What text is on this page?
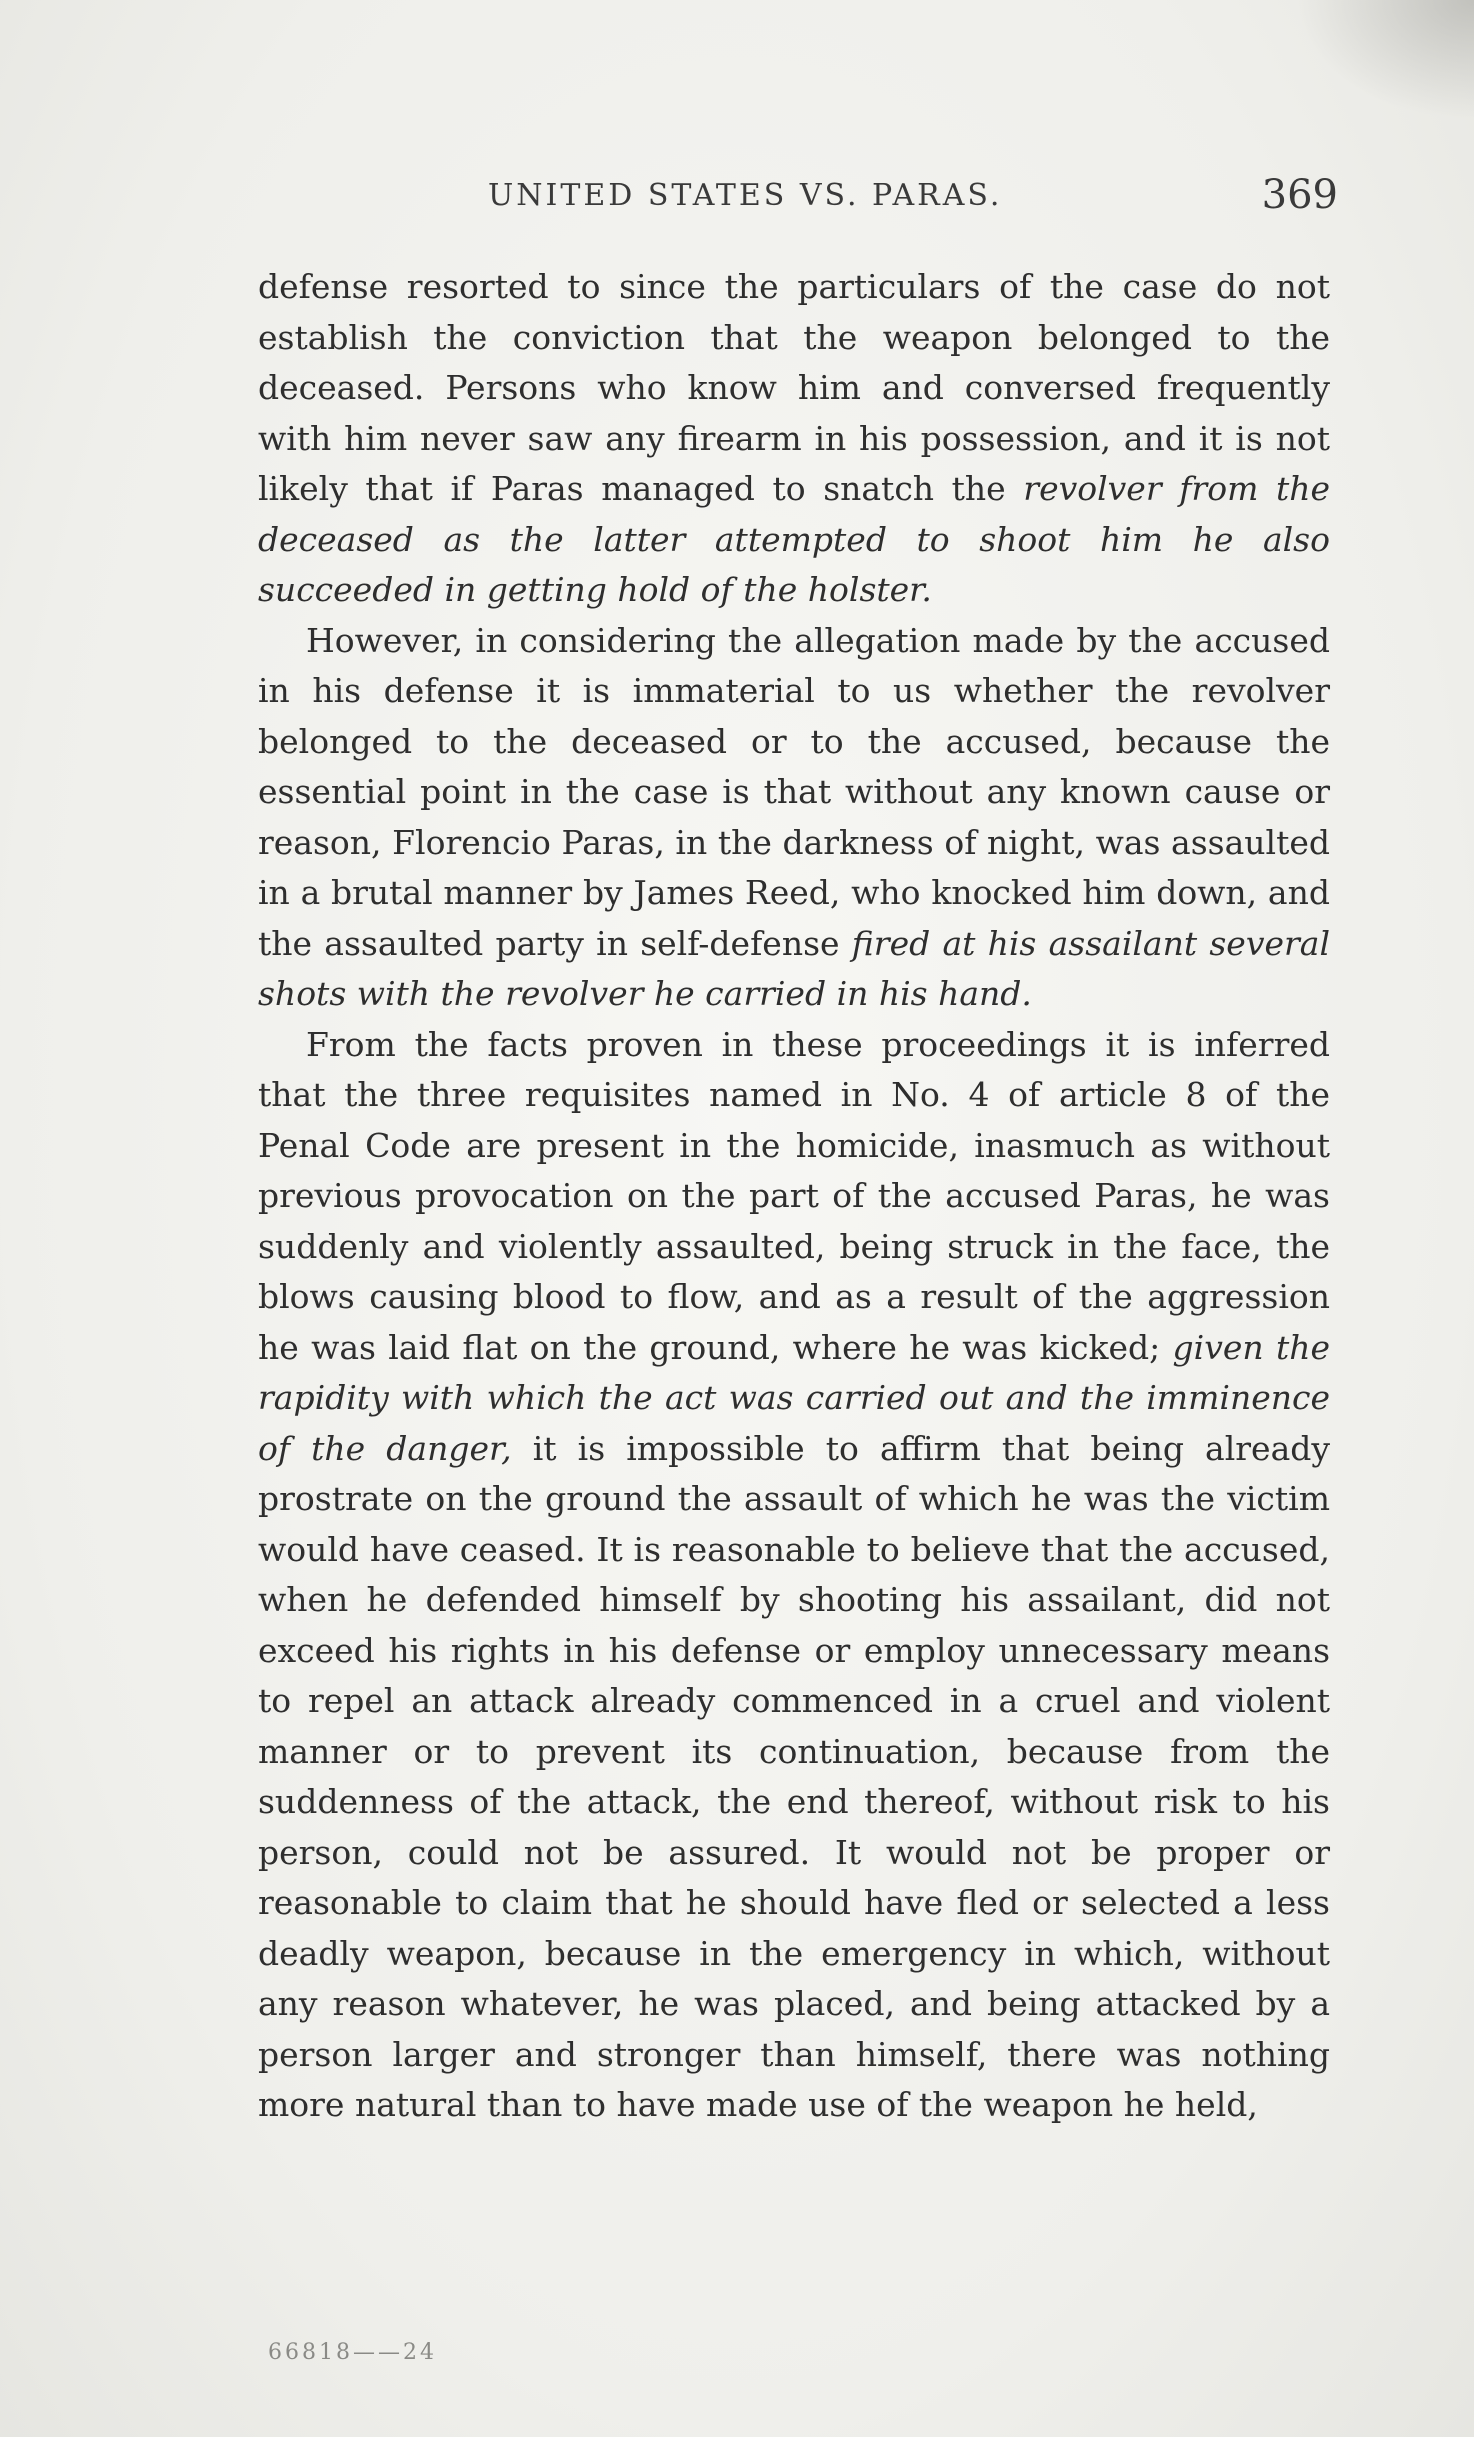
UNITED STATES VS. PARAS.	369

defense resorted to since the particulars of the case do not establish the conviction that the weapon belonged to the deceased. Persons who know him and conversed frequently with him never saw any firearm in his possession, and it is not likely that if Paras managed to snatch the revolver from the deceased as the latter attempted to shoot him he also succeeded in getting hold of the holster.

However, in considering the allegation made by the accused in his defense it is immaterial to us whether the revolver belonged to the deceased or to the accused, because the essential point in the case is that without any known cause or reason, Florencio Paras, in the darkness of night, was assaulted in a brutal manner by James Reed, who knocked him down, and the assaulted party in self-defense fired at his assailant several shots with the revolver he carried in his hand.

From the facts proven in these proceedings it is inferred that the three requisites named in No. 4 of article 8 of the Penal Code are present in the homicide, inasmuch as without previous provocation on the part of the accused Paras, he was suddenly and violently assaulted, being struck in the face, the blows causing blood to flow, and as a result of the aggression he was laid flat on the ground, where he was kicked; given the rapidity with which the act was carried out and the imminence of the danger, it is impossible to affirm that being already prostrate on the ground the assault of which he was the victim would have ceased. It is reasonable to believe that the accused, when he defended himself by shooting his assailant, did not exceed his rights in his defense or employ unnecessary means to repel an attack already commenced in a cruel and violent manner or to prevent its continuation, because from the suddenness of the attack, the end thereof, without risk to his person, could not be assured. It would not be proper or reasonable to claim that he should have fled or selected a less deadly weapon, because in the emergency in which, without any reason whatever, he was placed, and being attacked by a person larger and stronger than himself, there was nothing more natural than to have made use of the weapon he held,

66818——24
